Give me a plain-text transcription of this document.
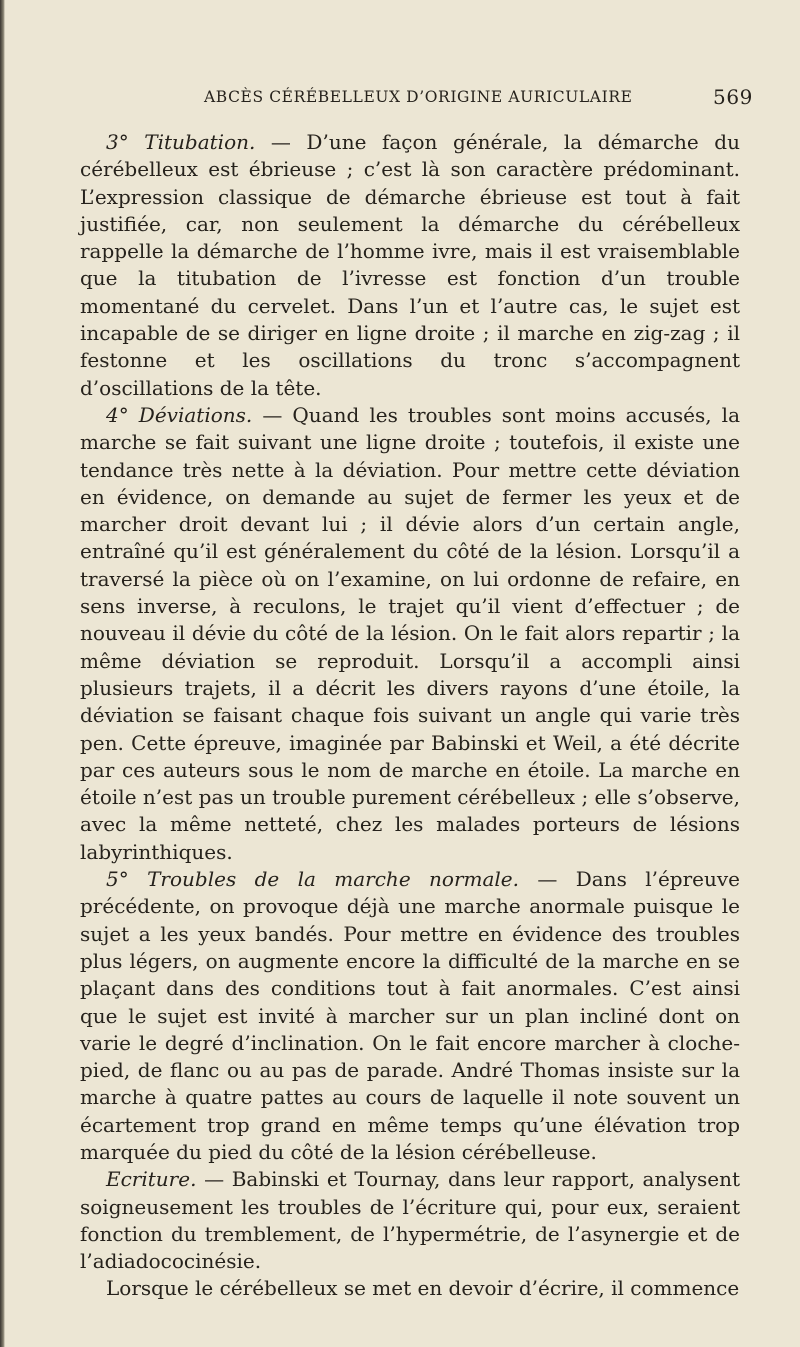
ABCÈS CÉRÉBELLEUX D’ORIGINE AURICULAIRE	569

3° Titubation. — D’une façon générale, la démarche du cérébelleux est ébrieuse ; c’est là son caractère prédominant. L’expression classique de démarche ébrieuse est tout à fait justifiée, car, non seulement la démarche du cérébelleux rappelle la démarche de l’homme ivre, mais il est vraisemblable que la titubation de l’ivresse est fonction d’un trouble momentané du cervelet. Dans l’un et l’autre cas, le sujet est incapable de se diriger en ligne droite ; il marche en zig-zag ; il festonne et les oscillations du tronc s’accompagnent d’oscillations de la tête.

4° Déviations. — Quand les troubles sont moins accusés, la marche se fait suivant une ligne droite ; toutefois, il existe une tendance très nette à la déviation. Pour mettre cette déviation en évidence, on demande au sujet de fermer les yeux et de marcher droit devant lui ; il dévie alors d’un certain angle, entraîné qu’il est généralement du côté de la lésion. Lorsqu’il a traversé la pièce où on l’examine, on lui ordonne de refaire, en sens inverse, à reculons, le trajet qu’il vient d’effectuer ; de nouveau il dévie du côté de la lésion. On le fait alors repartir ; la même déviation se reproduit. Lorsqu’il a accompli ainsi plusieurs trajets, il a décrit les divers rayons d’une étoile, la déviation se faisant chaque fois suivant un angle qui varie très pen. Cette épreuve, imaginée par Babinski et Weil, a été décrite par ces auteurs sous le nom de marche en étoile. La marche en étoile n’est pas un trouble purement cérébelleux ; elle s’observe, avec la même netteté, chez les malades porteurs de lésions labyrinthiques.

5° Troubles de la marche normale. — Dans l’épreuve précédente, on provoque déjà une marche anormale puisque le sujet a les yeux bandés. Pour mettre en évidence des troubles plus légers, on augmente encore la difficulté de la marche en se plaçant dans des conditions tout à fait anormales. C’est ainsi que le sujet est invité à marcher sur un plan incliné dont on varie le degré d’inclination. On le fait encore marcher à cloche-pied, de flanc ou au pas de parade. André Thomas insiste sur la marche à quatre pattes au cours de laquelle il note souvent un écartement trop grand en même temps qu’une élévation trop marquée du pied du côté de la lésion cérébelleuse.

Ecriture. — Babinski et Tournay, dans leur rapport, analysent soigneusement les troubles de l’écriture qui, pour eux, seraient fonction du tremblement, de l’hypermétrie, de l’asynergie et de l’adiadococinésie.

Lorsque le cérébelleux se met en devoir d’écrire, il commence
